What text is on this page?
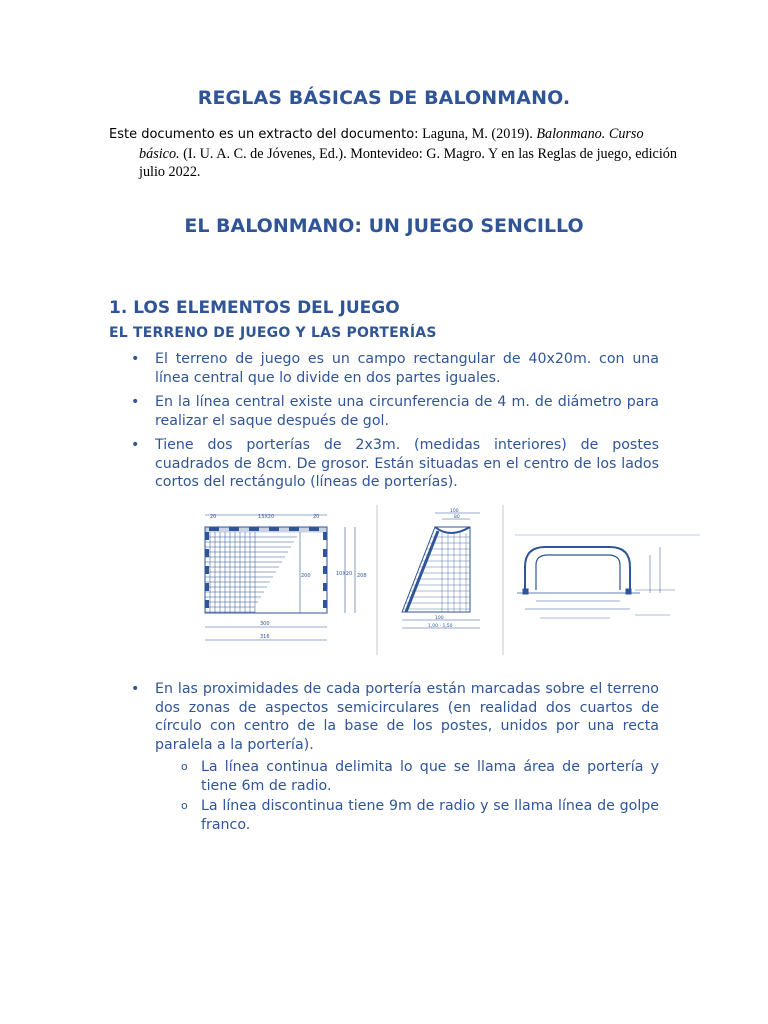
REGLAS BÁSICAS DE BALONMANO.
Este documento es un extracto del documento: Laguna, M. (2019). Balonmano. Curso básico. (I. U. A. C. de Jóvenes, Ed.). Montevideo: G. Magro. Y en las Reglas de juego, edición julio 2022.
EL BALONMANO: UN JUEGO SENCILLO
1. LOS ELEMENTOS DEL JUEGO
EL TERRENO DE JUEGO Y LAS PORTERÍAS
• El terreno de juego es un campo rectangular de 40x20m. con una línea central que lo divide en dos partes iguales.
• En la línea central existe una circunferencia de 4 m. de diámetro para realizar el saque después de gol.
• Tiene dos porterías de 2x3m. (medidas interiores) de postes cuadrados de 8cm. De grosor. Están situadas en el centro de los lados cortos del rectángulo (líneas de porterías).
20	13X20	20
200	10X20 208
300
316
100
80
100
1,00 - 1,50
• En las proximidades de cada portería están marcadas sobre el terreno dos zonas de aspectos semicirculares (en realidad dos cuartos de círculo con centro de la base de los postes, unidos por una recta paralela a la portería).
o La línea continua delimita lo que se llama área de portería y tiene 6m de radio.
o La línea discontinua tiene 9m de radio y se llama línea de golpe franco.
